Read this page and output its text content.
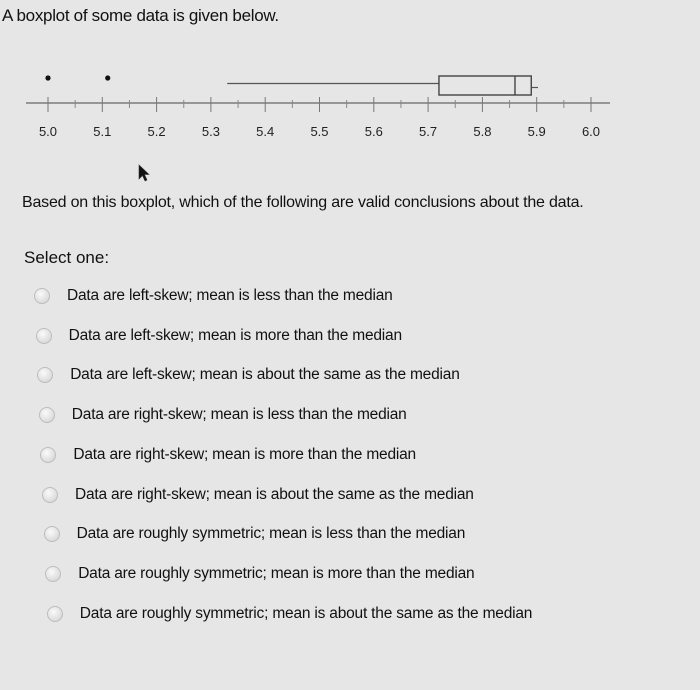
A boxplot of some data is given below.
5.0	5.1	5.2	5.3	5.4	5.5	5.6	5.7	5.8	5.9	6.0
Based on this boxplot, which of the following are valid conclusions about the data.
Select one:
Data are left-skew; mean is less than the median
Data are left-skew; mean is more than the median
Data are left-skew; mean is about the same as the median
Data are right-skew; mean is less than the median
Data are right-skew; mean is more than the median
Data are right-skew; mean is about the same as the median
Data are roughly symmetric; mean is less than the median
Data are roughly symmetric; mean is more than the median
Data are roughly symmetric; mean is about the same as the median
